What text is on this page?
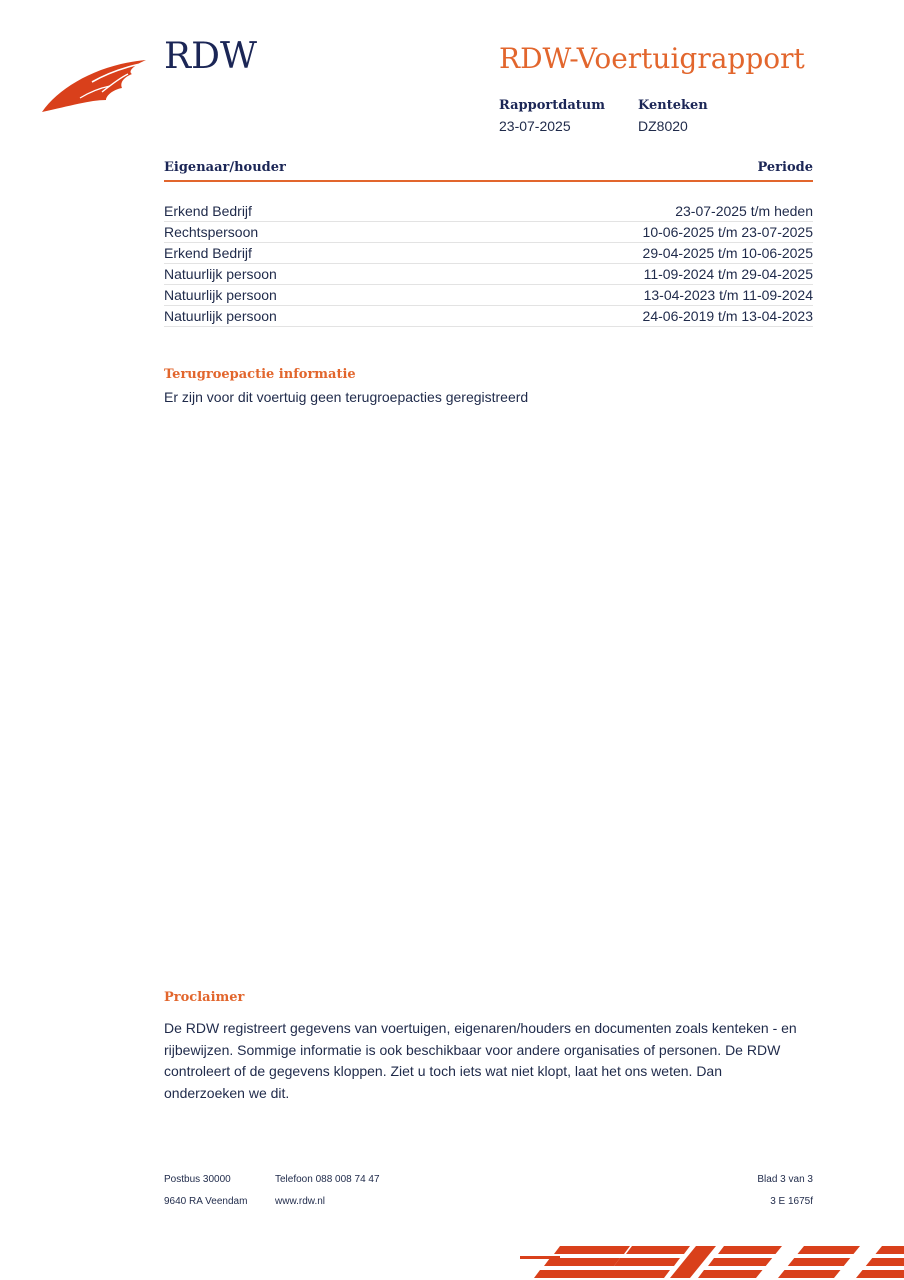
RDW	RDW-Voertuigrapport
Rapportdatum
23-07-2025
Kenteken
DZ8020
Eigenaar/houder	Periode
Erkend Bedrijf	23-07-2025 t/m heden
Rechtspersoon	10-06-2025 t/m 23-07-2025
Erkend Bedrijf	29-04-2025 t/m 10-06-2025
Natuurlijk persoon	11-09-2024 t/m 29-04-2025
Natuurlijk persoon	13-04-2023 t/m 11-09-2024
Natuurlijk persoon	24-06-2019 t/m 13-04-2023
Terugroepactie informatie
Er zijn voor dit voertuig geen terugroepacties geregistreerd
Proclaimer
De RDW registreert gegevens van voertuigen, eigenaren/houders en documenten zoals kenteken - en rijbewijzen. Sommige informatie is ook beschikbaar voor andere organisaties of personen. De RDW controleert of de gegevens kloppen. Ziet u toch iets wat niet klopt, laat het ons weten. Dan onderzoeken we dit.
Postbus 30000
9640 RA Veendam
Telefoon 088 008 74 47
www.rdw.nl
Blad 3 van 3
3 E 1675f
